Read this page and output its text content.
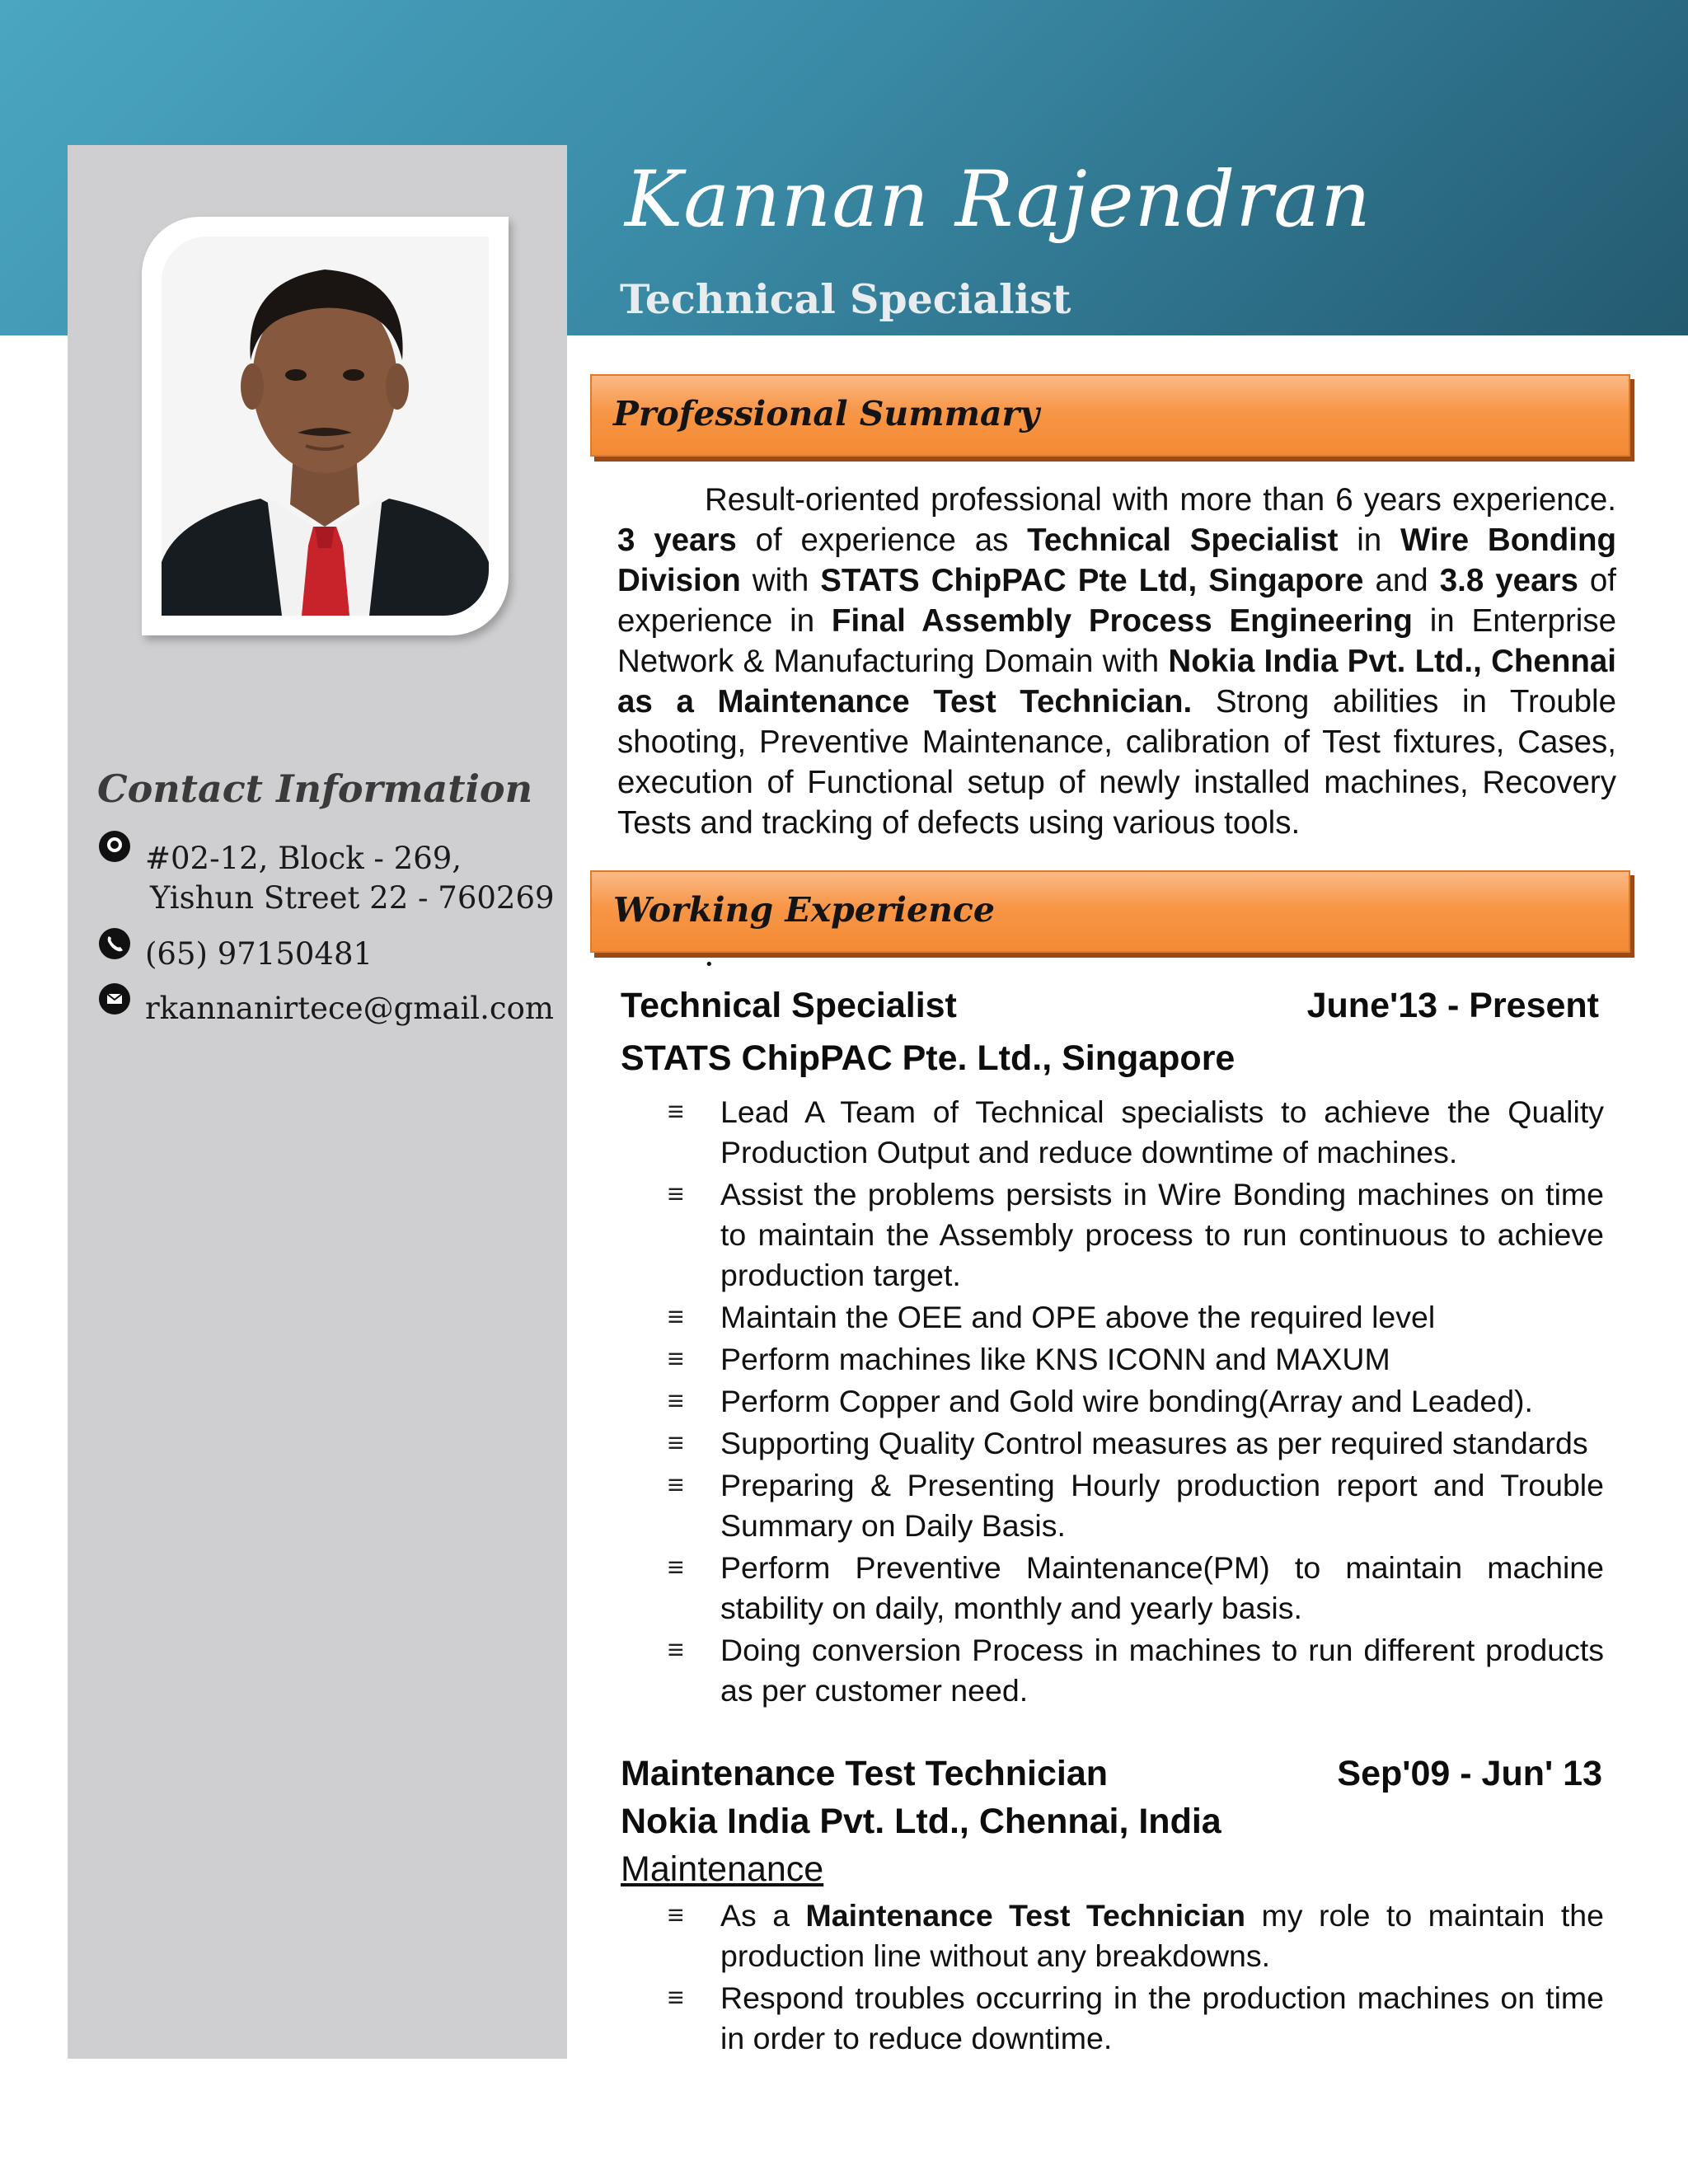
Kannan Rajendran
Technical Specialist
Contact Information
#02-12, Block - 269,
Yishun Street 22 - 760269
(65) 97150481
rkannanirtece@gmail.com
Professional Summary
Result-oriented professional with more than 6 years experience. 3 years of experience as Technical Specialist in Wire Bonding Division with STATS ChipPAC Pte Ltd, Singapore and 3.8 years of experience in Final Assembly Process Engineering in Enterprise Network & Manufacturing Domain with Nokia India Pvt. Ltd., Chennai as a Maintenance Test Technician. Strong abilities in Trouble shooting, Preventive Maintenance, calibration of Test fixtures, Cases, execution of Functional setup of newly installed machines, Recovery Tests and tracking of defects using various tools.
Working Experience
•
Technical Specialist	June'13 - Present
STATS ChipPAC Pte. Ltd., Singapore
≡ Lead A Team of Technical specialists to achieve the Quality Production Output and reduce downtime of machines.
≡ Assist the problems persists in Wire Bonding machines on time to maintain the Assembly process to run continuous to achieve production target.
≡ Maintain the OEE and OPE above the required level
≡ Perform machines like KNS ICONN and MAXUM
≡ Perform Copper and Gold wire bonding(Array and Leaded).
≡ Supporting Quality Control measures as per required standards
≡ Preparing & Presenting Hourly production report and Trouble Summary on Daily Basis.
≡ Perform Preventive Maintenance(PM) to maintain machine stability on daily, monthly and yearly basis.
≡ Doing conversion Process in machines to run different products as per customer need.
Maintenance Test Technician	Sep'09 - Jun' 13
Nokia India Pvt. Ltd., Chennai, India
Maintenance
≡ As a Maintenance Test Technician my role to maintain the production line without any breakdowns.
≡ Respond troubles occurring in the production machines on time in order to reduce downtime.
